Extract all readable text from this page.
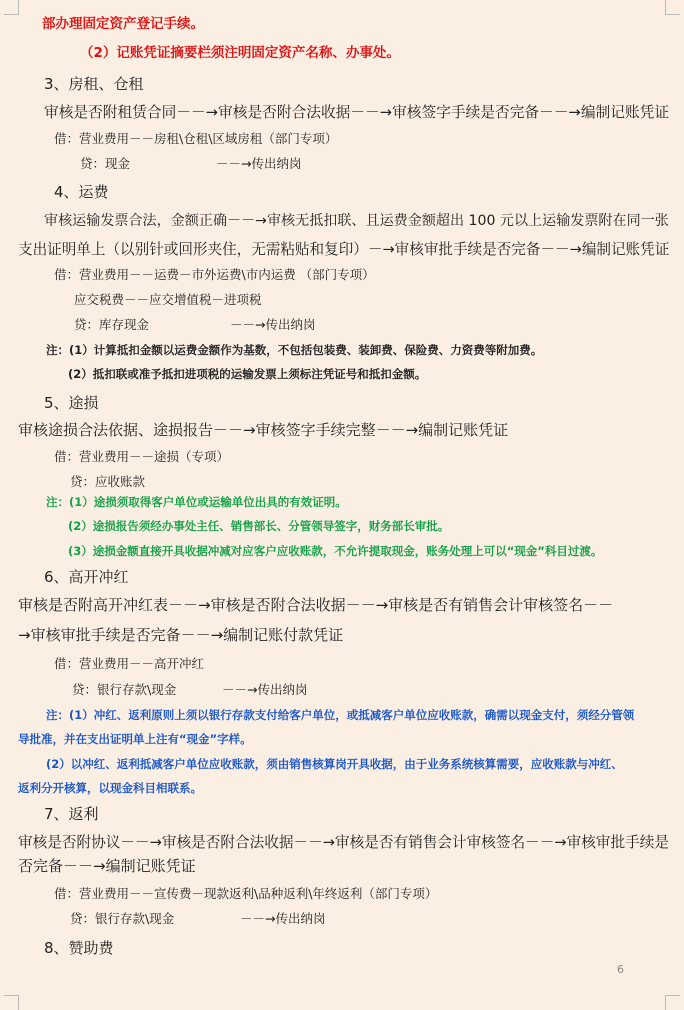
部办理固定资产登记手续。
（2）记账凭证摘要栏须注明固定资产名称、办事处。
3、房租、仓租
审核是否附租赁合同－－→审核是否附合法收据－－→审核签字手续是否完备－－→编制记账凭证
借：营业费用－－房租\仓租\区域房租（部门专项）
贷：现金	－－→传出纳岗
4、运费
审核运输发票合法，金额正确－－→审核无抵扣联、且运费金额超出 100 元以上运输发票附在同一张
支出证明单上（以别针或回形夹住，无需粘贴和复印）－→审核审批手续是否完备－－→编制记账凭证
借：营业费用－－运费－市外运费\市内运费 （部门专项）
应交税费－－应交增值税－进项税
贷：库存现金	－－→传出纳岗
注：(1）计算抵扣金额以运费金额作为基数，不包括包装费、装卸费、保险费、力资费等附加费。
(2）抵扣联或准予抵扣进项税的运输发票上须标注凭证号和抵扣金额。
5、途损
审核途损合法依据、途损报告－－→审核签字手续完整－－→编制记账凭证
借：营业费用－－途损（专项）
贷：应收账款
注：(1）途损须取得客户单位或运输单位出具的有效证明。
(2）途损报告须经办事处主任、销售部长、分管领导签字，财务部长审批。
(3）途损金额直接开具收据冲减对应客户应收账款，不允许提取现金，账务处理上可以“现金”科目过渡。
6、高开冲红
审核是否附高开冲红表－－→审核是否附合法收据－－→审核是否有销售会计审核签名－－
→审核审批手续是否完备－－→编制记账付款凭证
借：营业费用－－高开冲红
贷：银行存款\现金	－－→传出纳岗
注：(1）冲红、返利原则上须以银行存款支付给客户单位，或抵减客户单位应收账款，确需以现金支付，须经分管领
导批准，并在支出证明单上注有“现金”字样。
(2）以冲红、返利抵减客户单位应收账款，须由销售核算岗开具收据，由于业务系统核算需要，应收账款与冲红、
返利分开核算，以现金科目相联系。
7、返利
审核是否附协议－－→审核是否附合法收据－－→审核是否有销售会计审核签名－－→审核审批手续是
否完备－－→编制记账凭证
借：营业费用－－宣传费－现款返利\品种返利\年终返利（部门专项）
贷：银行存款\现金	－－→传出纳岗
8、赞助费
6
